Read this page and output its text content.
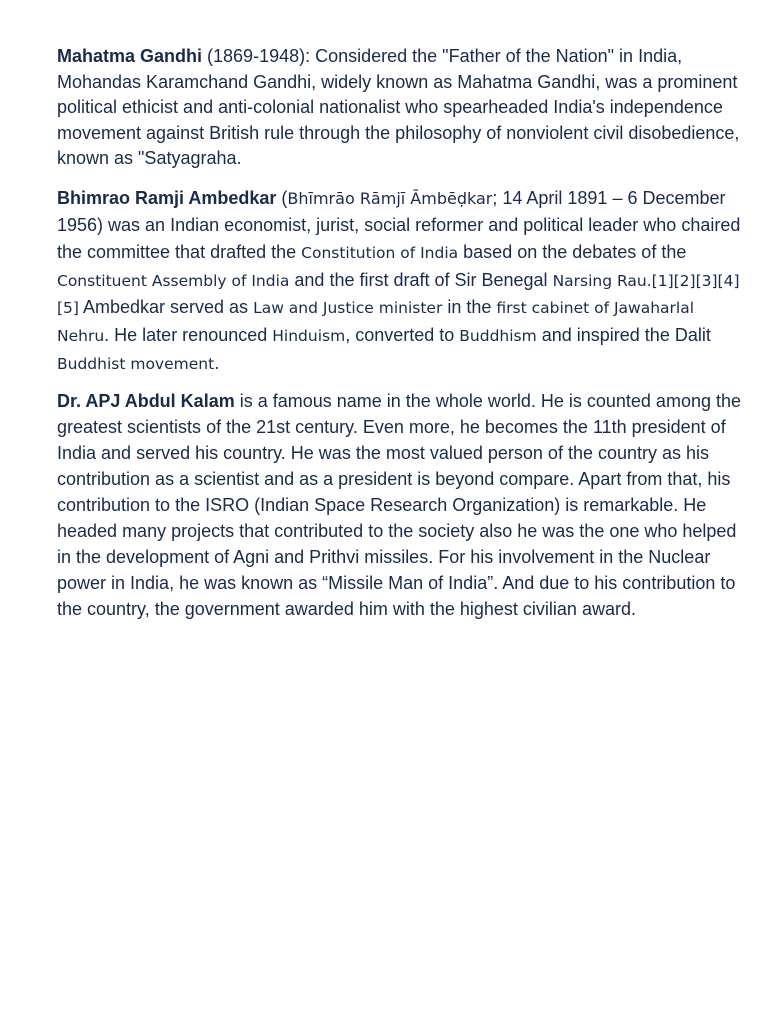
Mahatma Gandhi (1869-1948): Considered the "Father of the Nation" in India, Mohandas Karamchand Gandhi, widely known as Mahatma Gandhi, was a prominent political ethicist and anti-colonial nationalist who spearheaded India's independence movement against British rule through the philosophy of nonviolent civil disobedience, known as "Satyagraha.

Bhimrao Ramji Ambedkar (Bhīmrāo Rāmjī Āmbēḍkar; 14 April 1891 – 6 December 1956) was an Indian economist, jurist, social reformer and political leader who chaired the committee that drafted the Constitution of India based on the debates of the Constituent Assembly of India and the first draft of Sir Benegal Narsing Rau.[1][2][3][4][5] Ambedkar served as Law and Justice minister in the first cabinet of Jawaharlal Nehru. He later renounced Hinduism, converted to Buddhism and inspired the Dalit Buddhist movement.

Dr. APJ Abdul Kalam is a famous name in the whole world. He is counted among the greatest scientists of the 21st century. Even more, he becomes the 11th president of India and served his country. He was the most valued person of the country as his contribution as a scientist and as a president is beyond compare. Apart from that, his contribution to the ISRO (Indian Space Research Organization) is remarkable. He headed many projects that contributed to the society also he was the one who helped in the development of Agni and Prithvi missiles. For his involvement in the Nuclear power in India, he was known as “Missile Man of India”. And due to his contribution to the country, the government awarded him with the highest civilian award.
